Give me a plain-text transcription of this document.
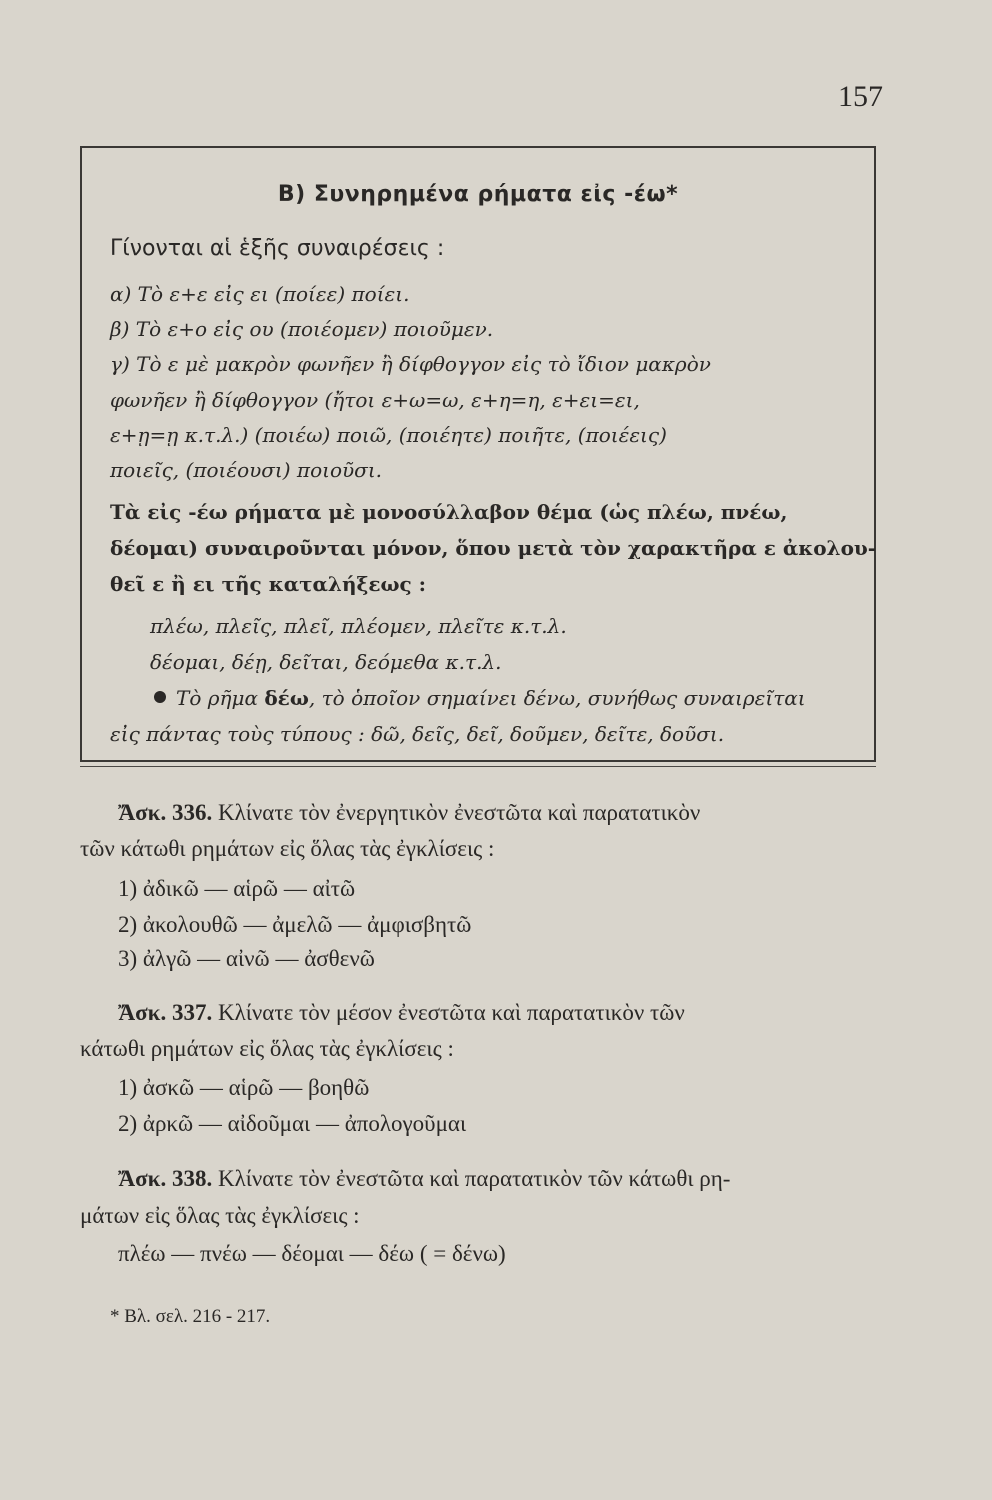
157
Β) Συνηρημένα ρήματα εἰς -έω*
Γίνονται αἱ ἑξῆς συναιρέσεις :
α) Τὸ ε+ε εἰς ει (ποίεε) ποίει.
β) Τὸ ε+ο εἰς ου (ποιέομεν) ποιοῦμεν.
γ) Τὸ ε μὲ μακρὸν φωνῆεν ἢ δίφθογγον εἰς τὸ ἴδιον μακρὸν
φωνῆεν ἢ δίφθογγον (ἤτοι ε+ω=ω, ε+η=η, ε+ει=ει,
ε+ῃ=ῃ κ.τ.λ.) (ποιέω) ποιῶ, (ποιέητε) ποιῆτε, (ποιέεις)
ποιεῖς, (ποιέουσι) ποιοῦσι.
Τὰ εἰς -έω ρήματα μὲ μονοσύλλαβον θέμα (ὡς πλέω, πνέω,
δέομαι) συναιροῦνται μόνον, ὅπου μετὰ τὸν χαρακτῆρα ε ἀκολου-
θεῖ ε ἢ ει τῆς καταλήξεως :
πλέω, πλεῖς, πλεῖ, πλέομεν, πλεῖτε κ.τ.λ.
δέομαι, δέῃ, δεῖται, δεόμεθα κ.τ.λ.
Τὸ ρῆμα δέω, τὸ ὁποῖον σημαίνει δένω, συνήθως συναιρεῖται
εἰς πάντας τοὺς τύπους : δῶ, δεῖς, δεῖ, δοῦμεν, δεῖτε, δοῦσι.
Ἄσκ. 336. Κλίνατε τὸν ἐνεργητικὸν ἐνεστῶτα καὶ παρατατικὸν
τῶν κάτωθι ρημάτων εἰς ὅλας τὰς ἐγκλίσεις :
1) ἀδικῶ — αἱρῶ — αἰτῶ
2) ἀκολουθῶ — ἀμελῶ — ἀμφισβητῶ
3) ἀλγῶ — αἰνῶ — ἀσθενῶ
Ἄσκ. 337. Κλίνατε τὸν μέσον ἐνεστῶτα καὶ παρατατικὸν τῶν
κάτωθι ρημάτων εἰς ὅλας τὰς ἐγκλίσεις :
1) ἀσκῶ — αἱρῶ — βοηθῶ
2) ἀρκῶ — αἰδοῦμαι — ἀπολογοῦμαι
Ἄσκ. 338. Κλίνατε τὸν ἐνεστῶτα καὶ παρατατικὸν τῶν κάτωθι ρη-
μάτων εἰς ὅλας τὰς ἐγκλίσεις :
πλέω — πνέω — δέομαι — δέω ( = δένω)
* Βλ. σελ. 216 - 217.
